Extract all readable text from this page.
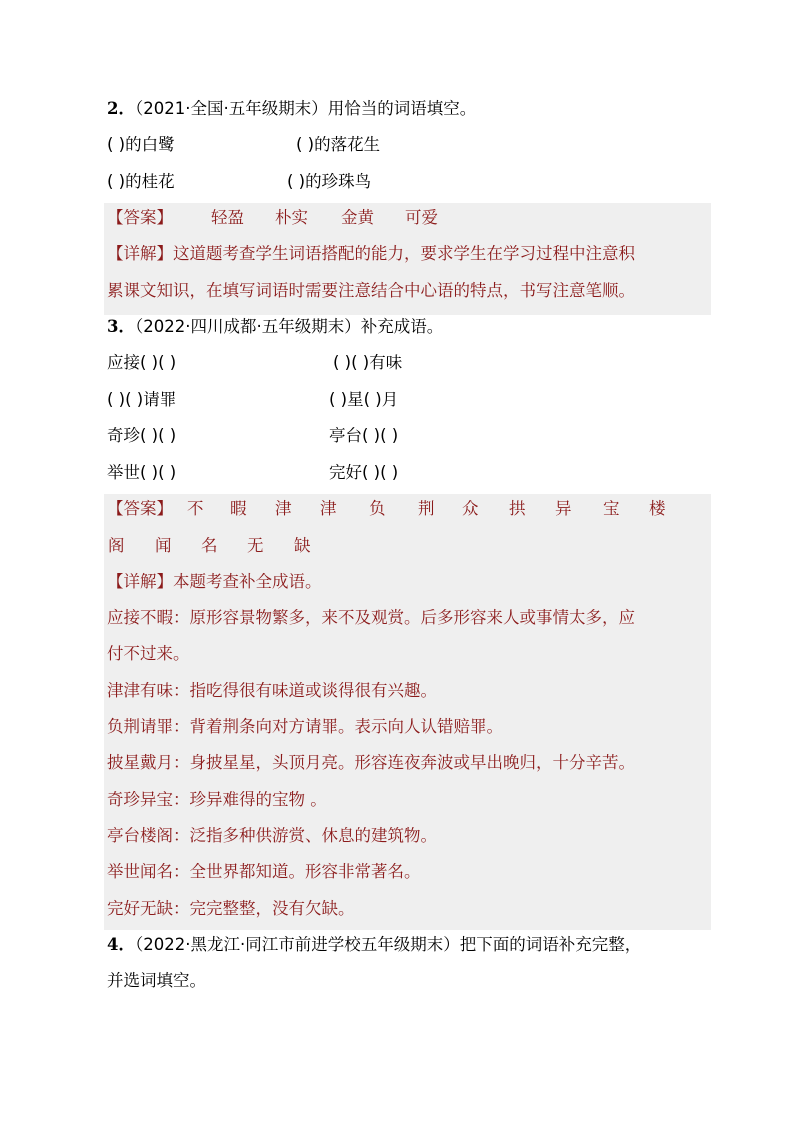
2．（2021·全国·五年级期末）用恰当的词语填空。
( )的白鹭	( )的落花生
( )的桂花	( )的珍珠鸟
【答案】 轻盈 朴实 金黄 可爱
【详解】这道题考查学生词语搭配的能力，要求学生在学习过程中注意积
累课文知识，在填写词语时需要注意结合中心语的特点，书写注意笔顺。
3．（2022·四川成都·五年级期末）补充成语。
应接( )( )	( )( )有味
( )( )请罪	( )星( )月
奇珍( )( )	亭台( )( )
举世( )( )	完好( )( )
【答案】 不 暇 津 津 负 荆 众 拱 异 宝 楼
阁 闻 名 无 缺
【详解】本题考查补全成语。
应接不暇：原形容景物繁多，来不及观赏。后多形容来人或事情太多，应
付不过来。
津津有味：指吃得很有味道或谈得很有兴趣。
负荆请罪：背着荆条向对方请罪。表示向人认错赔罪。
披星戴月：身披星星，头顶月亮。形容连夜奔波或早出晚归，十分辛苦。
奇珍异宝：珍异难得的宝物 。
亭台楼阁：泛指多种供游赏、休息的建筑物。
举世闻名：全世界都知道。形容非常著名。
完好无缺：完完整整，没有欠缺。
4．（2022·黑龙江·同江市前进学校五年级期末）把下面的词语补充完整，
并选词填空。
